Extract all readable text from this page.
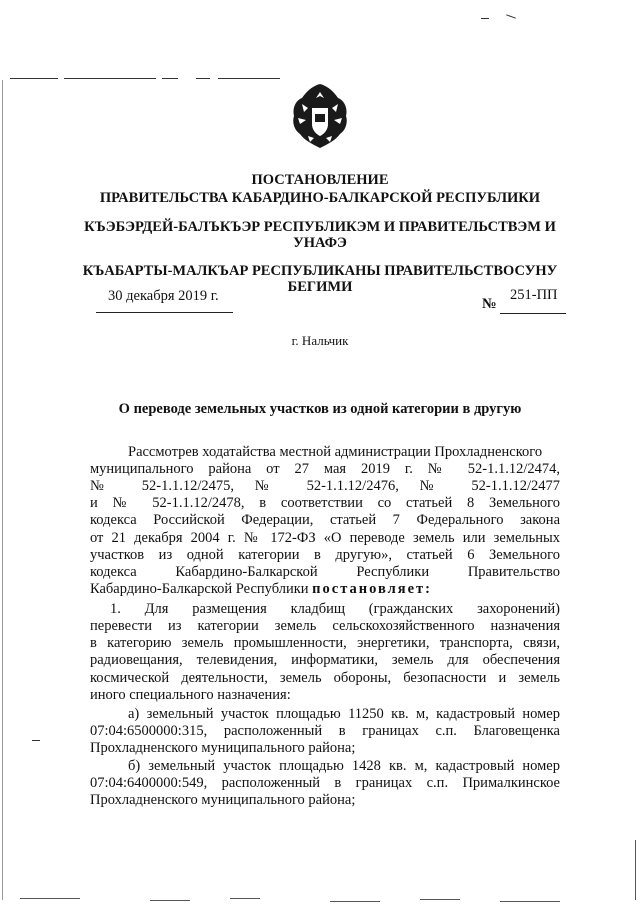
ПОСТАНОВЛЕНИЕ
ПРАВИТЕЛЬСТВА КАБАРДИНО-БАЛКАРСКОЙ РЕСПУБЛИКИ
КЪЭБЭРДЕЙ-БАЛЪКЪЭР РЕСПУБЛИКЭМ И ПРАВИТЕЛЬСТВЭМ И
УНАФЭ
КЪАБАРТЫ-МАЛКЪАР РЕСПУБЛИКАНЫ ПРАВИТЕЛЬСТВОСУНУ
БЕГИМИ
30 декабря 2019 г.	№
251-ПП
г. Нальчик
О переводе земельных участков из одной категории в другую
Рассмотрев ходатайства местной администрации Прохладненского
муниципального района от 27 мая 2019 г. № 52-1.1.12/2474,
№ 52-1.1.12/2475, № 52-1.1.12/2476, № 52-1.1.12/2477
и № 52-1.1.12/2478, в соответствии со статьей 8 Земельного
кодекса Российской Федерации, статьей 7 Федерального закона
от 21 декабря 2004 г. № 172-ФЗ «О переводе земель или земельных
участков из одной категории в другую», статьей 6 Земельного
кодекса Кабардино-Балкарской Республики Правительство
Кабардино-Балкарской Республики постановляет:
1. Для размещения кладбищ (гражданских захоронений)
перевести из категории земель сельскохозяйственного назначения
в категорию земель промышленности, энергетики, транспорта, связи,
радиовещания, телевидения, информатики, земель для обеспечения
космической деятельности, земель обороны, безопасности и земель
иного специального назначения:
а) земельный участок площадью 11250 кв. м, кадастровый номер
07:04:6500000:315, расположенный в границах с.п. Благовещенка
Прохладненского муниципального района;
б) земельный участок площадью 1428 кв. м, кадастровый номер
07:04:6400000:549, расположенный в границах с.п. Прималкинское
Прохладненского муниципального района;
